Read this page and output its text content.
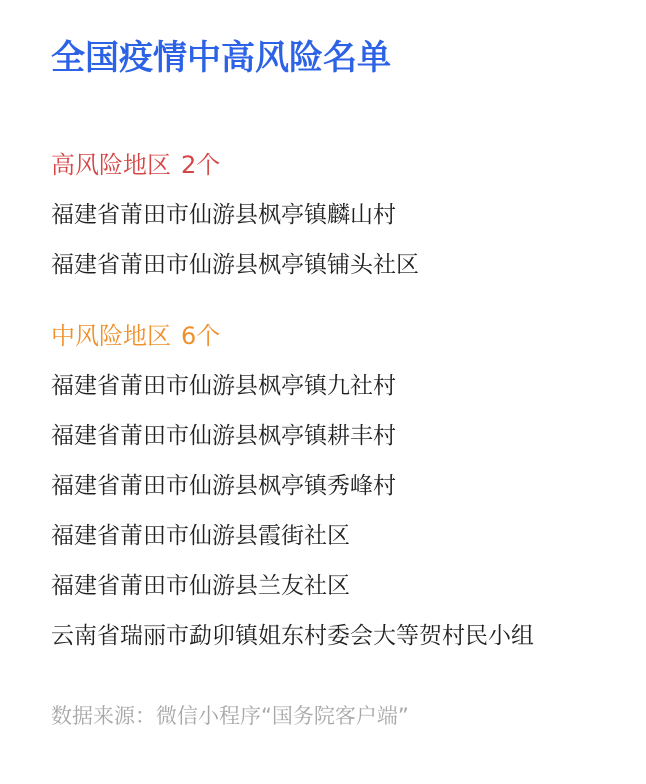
全国疫情中高风险名单
高风险地区 2个
福建省莆田市仙游县枫亭镇麟山村
福建省莆田市仙游县枫亭镇铺头社区
中风险地区 6个
福建省莆田市仙游县枫亭镇九社村
福建省莆田市仙游县枫亭镇耕丰村
福建省莆田市仙游县枫亭镇秀峰村
福建省莆田市仙游县霞街社区
福建省莆田市仙游县兰友社区
云南省瑞丽市勐卯镇姐东村委会大等贺村民小组
数据来源：微信小程序“国务院客户端”
